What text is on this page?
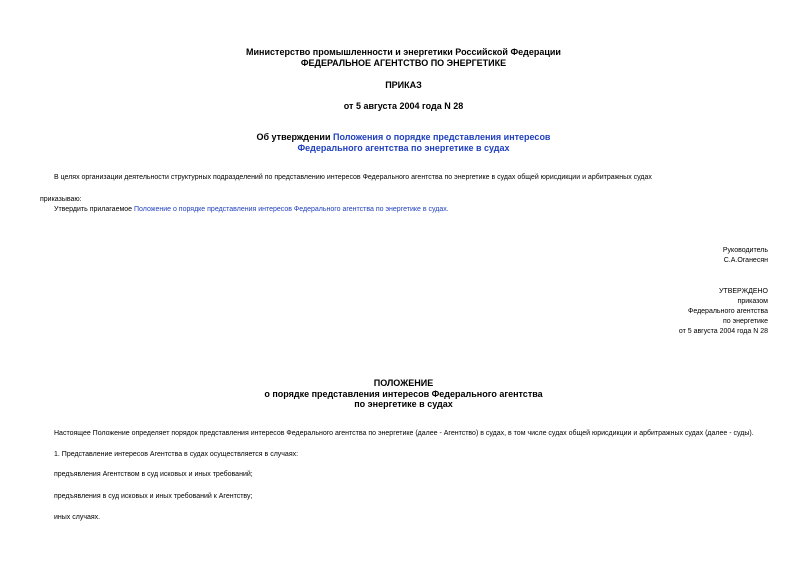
Министерство промышленности и энергетики Российской Федерации
ФЕДЕРАЛЬНОЕ АГЕНТСТВО ПО ЭНЕРГЕТИКЕ
ПРИКАЗ
от 5 августа 2004 года N 28
Об утверждении Положения о порядке представления интересов
Федерального агентства по энергетике в судах
В целях организации деятельности структурных подразделений по представлению интересов Федерального агентства по энергетике в судах общей юрисдикции и арбитражных судах
приказываю:
Утвердить прилагаемое Положение о порядке представления интересов Федерального агентства по энергетике в судах.
Руководитель
С.А.Оганесян
УТВЕРЖДЕНО
приказом
Федерального агентства
по энергетике
от 5 августа 2004 года N 28
ПОЛОЖЕНИЕ
о порядке представления интересов Федерального агентства
по энергетике в судах
Настоящее Положение определяет порядок представления интересов Федерального агентства по энергетике (далее - Агентство) в судах, в том числе судах общей юрисдикции и арбитражных судах (далее - суды).
1. Представление интересов Агентства в судах осуществляется в случаях:
предъявления Агентством в суд исковых и иных требований;
предъявления в суд исковых и иных требований к Агентству;
иных случаях.
